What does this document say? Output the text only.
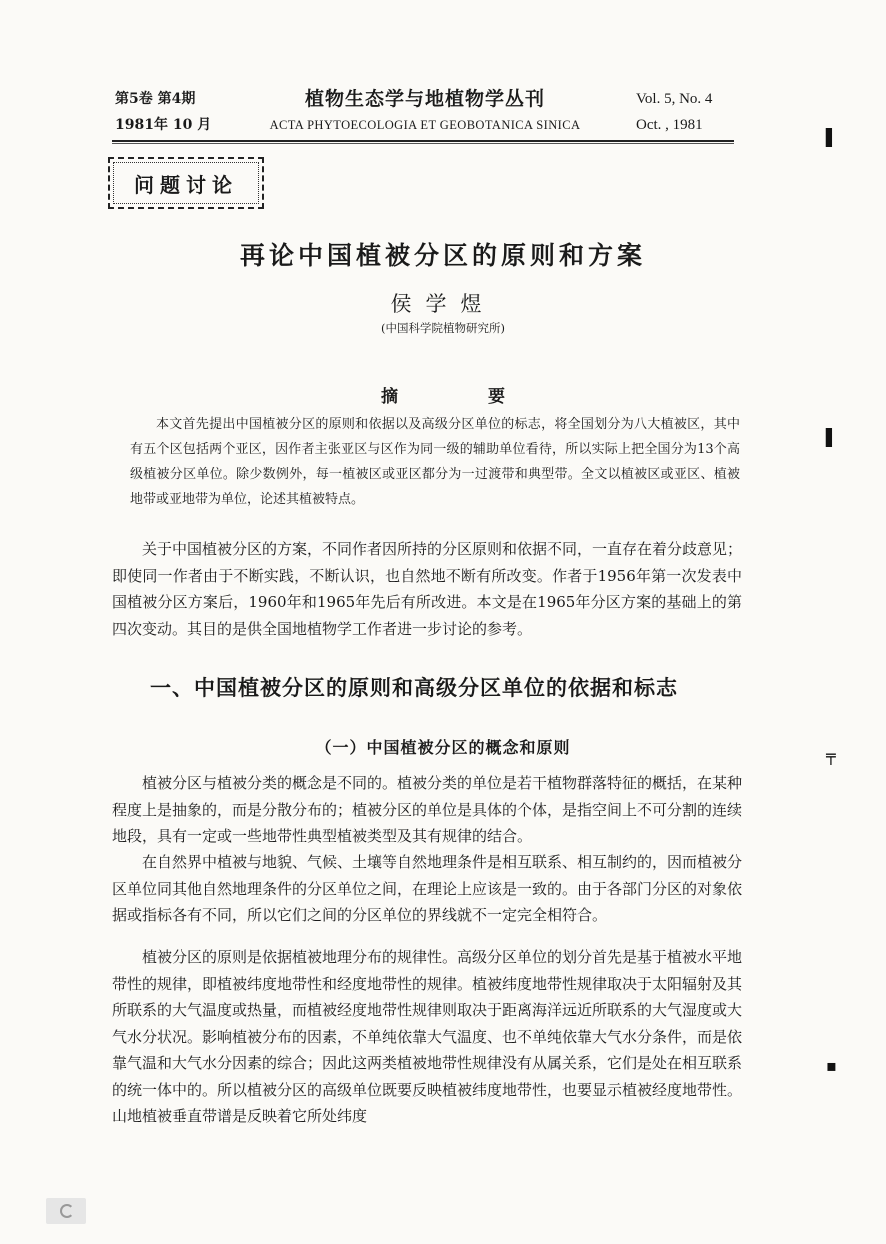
第5卷 第4期
1981年 10 月
植物生态学与地植物学丛刊
ACTA PHYTOECOLOGIA ET GEOBOTANICA SINICA
Vol. 5, No. 4
Oct. , 1981
问题讨论
再论中国植被分区的原则和方案
侯学煜
(中国科学院植物研究所)
摘要
本文首先提出中国植被分区的原则和依据以及高级分区单位的标志，将全国划分为八大植被区，其中有五个区包括两个亚区，因作者主张亚区与区作为同一级的辅助单位看待，所以实际上把全国分为13个高级植被分区单位。除少数例外，每一植被区或亚区都分为一过渡带和典型带。全文以植被区或亚区、植被地带或亚地带为单位，论述其植被特点。
关于中国植被分区的方案，不同作者因所持的分区原则和依据不同，一直存在着分歧意见；即使同一作者由于不断实践，不断认识，也自然地不断有所改变。作者于1956年第一次发表中国植被分区方案后，1960年和1965年先后有所改进。本文是在1965年分区方案的基础上的第四次变动。其目的是供全国地植物学工作者进一步讨论的参考。
一、中国植被分区的原则和高级分区单位的依据和标志
（一）中国植被分区的概念和原则
植被分区与植被分类的概念是不同的。植被分类的单位是若干植物群落特征的概括，在某种程度上是抽象的，而是分散分布的；植被分区的单位是具体的个体，是指空间上不可分割的连续地段，具有一定或一些地带性典型植被类型及其有规律的结合。
在自然界中植被与地貌、气候、土壤等自然地理条件是相互联系、相互制约的，因而植被分区单位同其他自然地理条件的分区单位之间，在理论上应该是一致的。由于各部门分区的对象依据或指标各有不同，所以它们之间的分区单位的界线就不一定完全相符合。
植被分区的原则是依据植被地理分布的规律性。高级分区单位的划分首先是基于植被水平地带性的规律，即植被纬度地带性和经度地带性的规律。植被纬度地带性规律取决于太阳辐射及其所联系的大气温度或热量，而植被经度地带性规律则取决于距离海洋远近所联系的大气湿度或大气水分状况。影响植被分布的因素，不单纯依靠大气温度、也不单纯依靠大气水分条件，而是依靠气温和大气水分因素的综合；因此这两类植被地带性规律没有从属关系，它们是处在相互联系的统一体中的。所以植被分区的高级单位既要反映植被纬度地带性，也要显示植被经度地带性。山地植被垂直带谱是反映着它所处纬度
▌
▌
╤
▪
